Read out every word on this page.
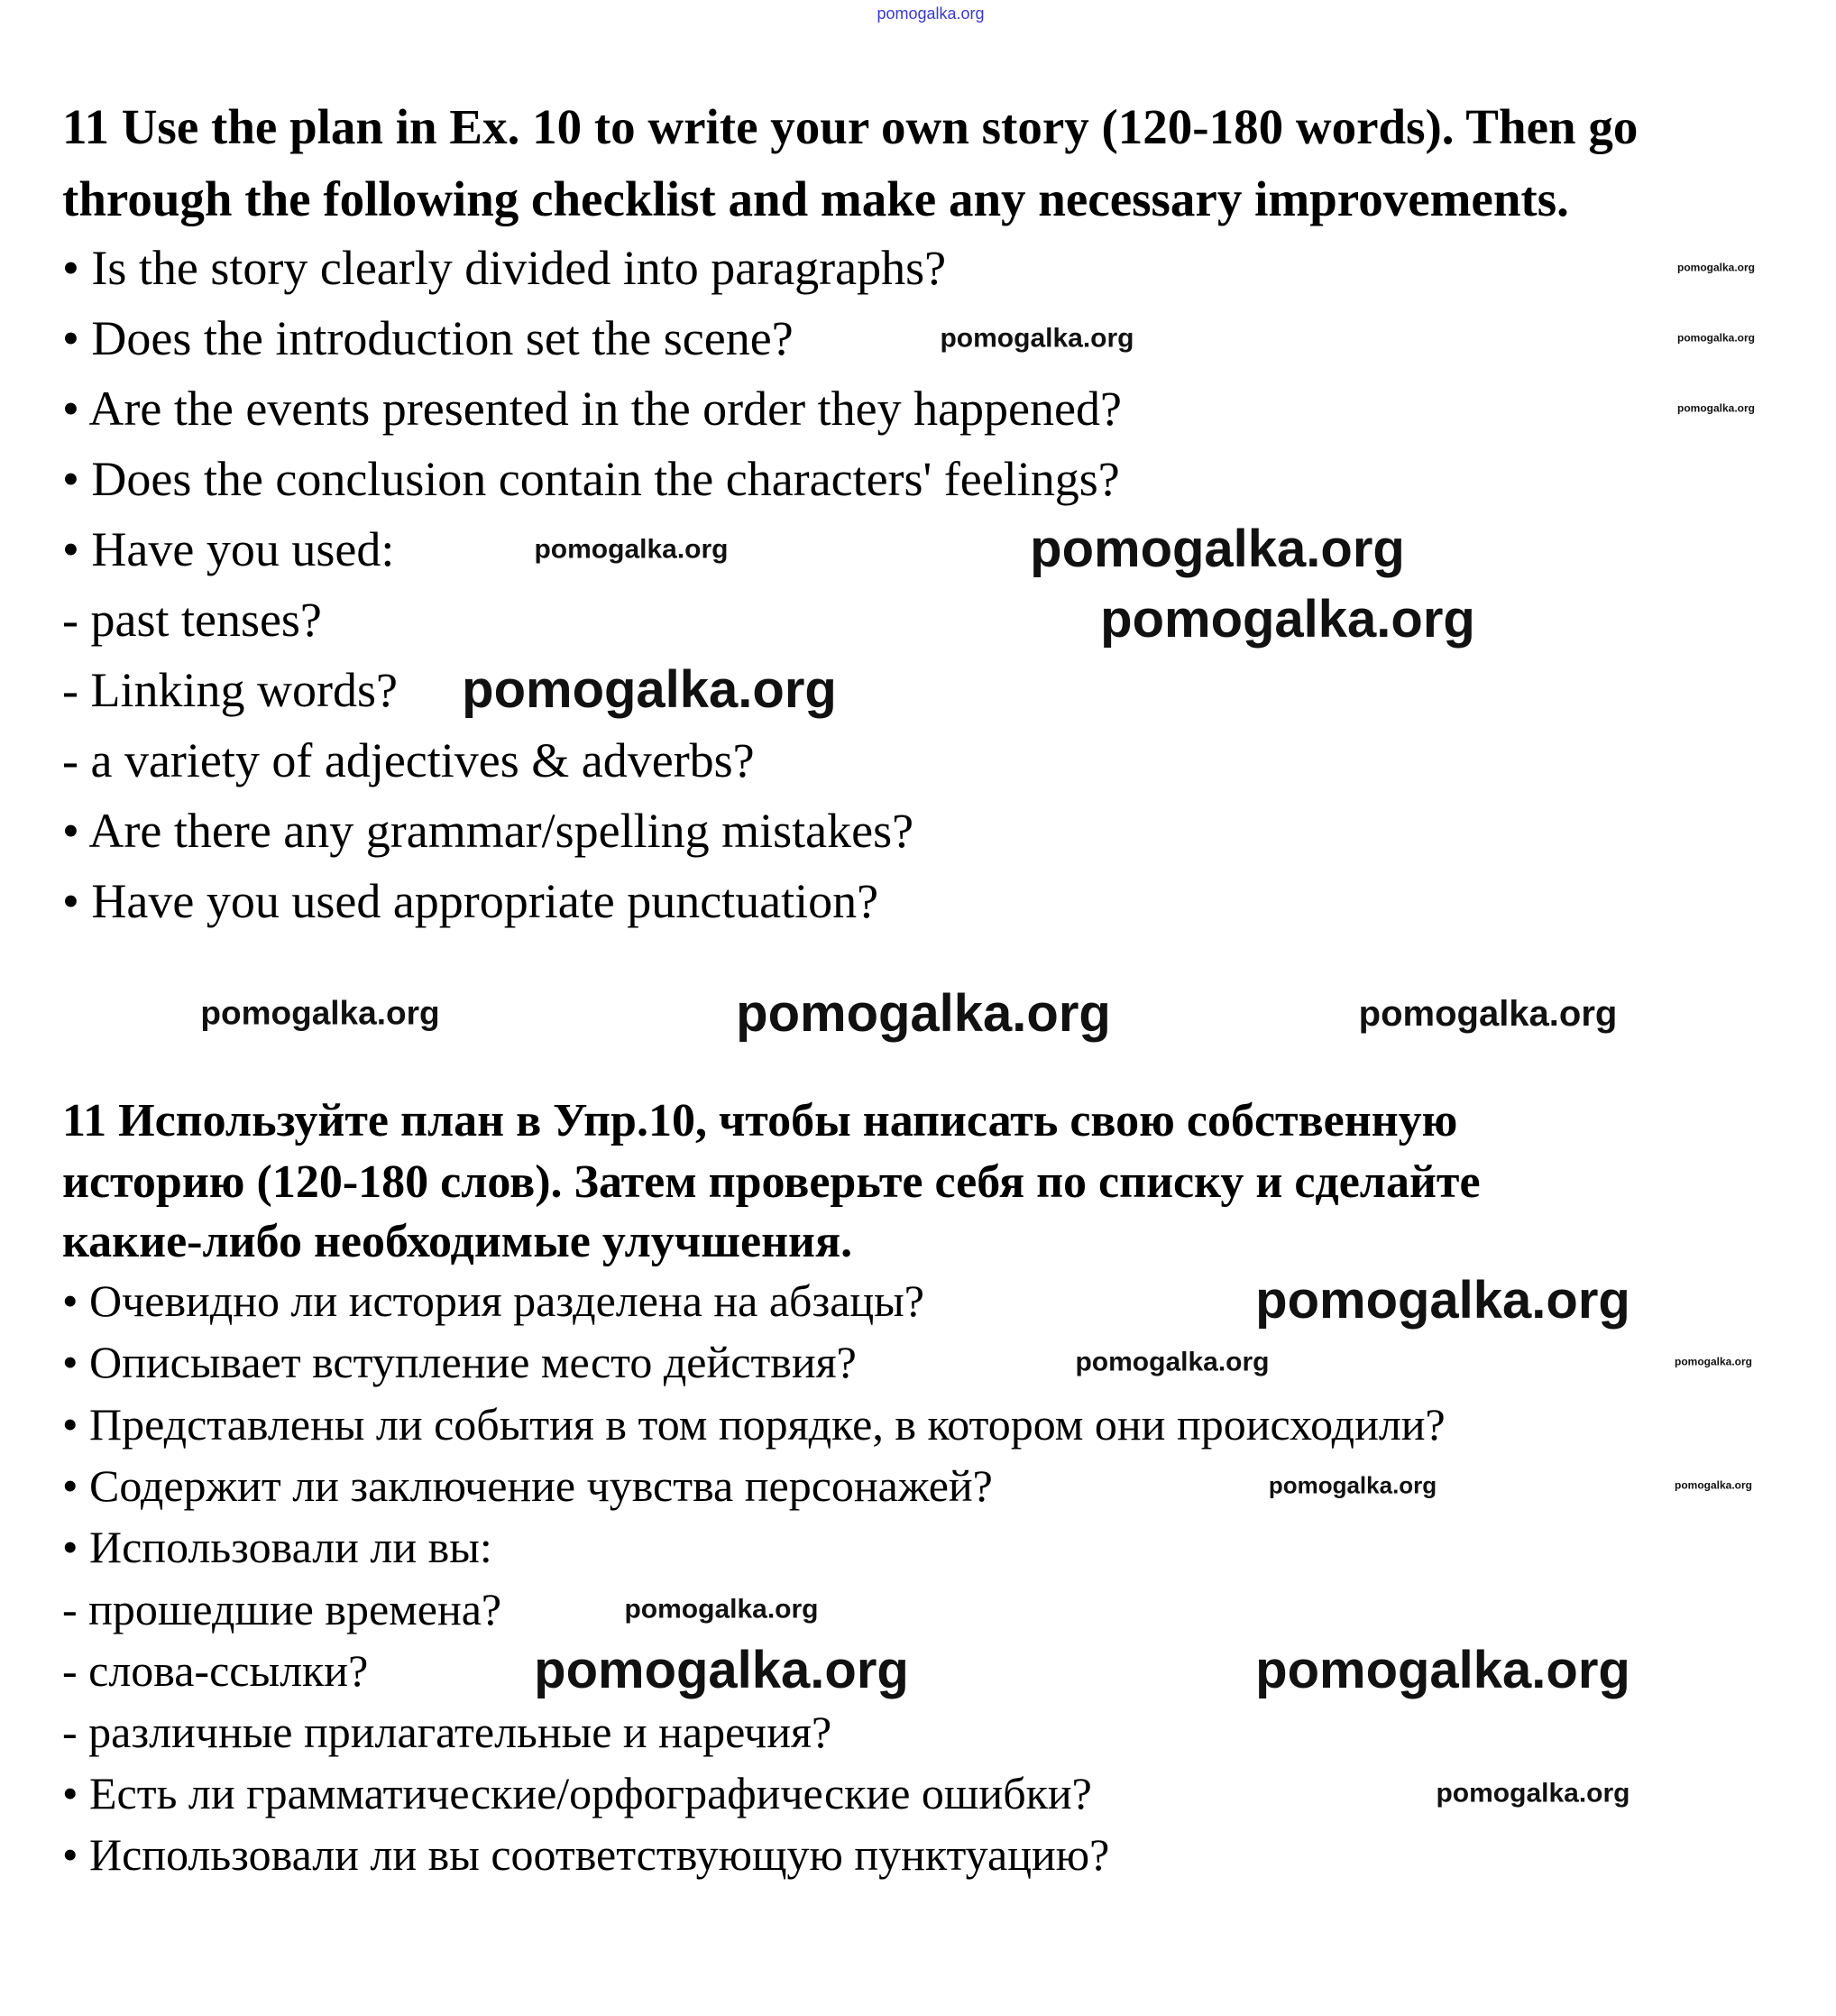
pomogalka.org
11 Use the plan in Ex. 10 to write your own story (120-180 words). Then go
through the following checklist and make any necessary improvements.
• Is the story clearly divided into paragraphs?
• Does the introduction set the scene?
• Are the events presented in the order they happened?
• Does the conclusion contain the characters' feelings?
• Have you used:
- past tenses?
- Linking words?
- a variety of adjectives & adverbs?
• Are there any grammar/spelling mistakes?
• Have you used appropriate punctuation?
11 Используйте план в Упр.10, чтобы написать свою собственную
историю (120-180 слов). Затем проверьте себя по списку и сделайте
какие-либо необходимые улучшения.
• Очевидно ли история разделена на абзацы?
• Описывает вступление место действия?
• Представлены ли события в том порядке, в котором они происходили?
• Содержит ли заключение чувства персонажей?
• Использовали ли вы:
- прошедшие времена?
- слова-ссылки?
- различные прилагательные и наречия?
• Есть ли грамматические/орфографические ошибки?
• Использовали ли вы соответствующую пунктуацию?
pomogalka.org
pomogalka.org
pomogalka.org
pomogalka.org
pomogalka.org	pomogalka.org
pomogalka.org
pomogalka.org
pomogalka.org	pomogalka.org
pomogalka.org
pomogalka.org
pomogalka.org
pomogalka.org
pomogalka.org	pomogalka.org
pomogalka.org
pomogalka.org	pomogalka.org
pomogalka.org
